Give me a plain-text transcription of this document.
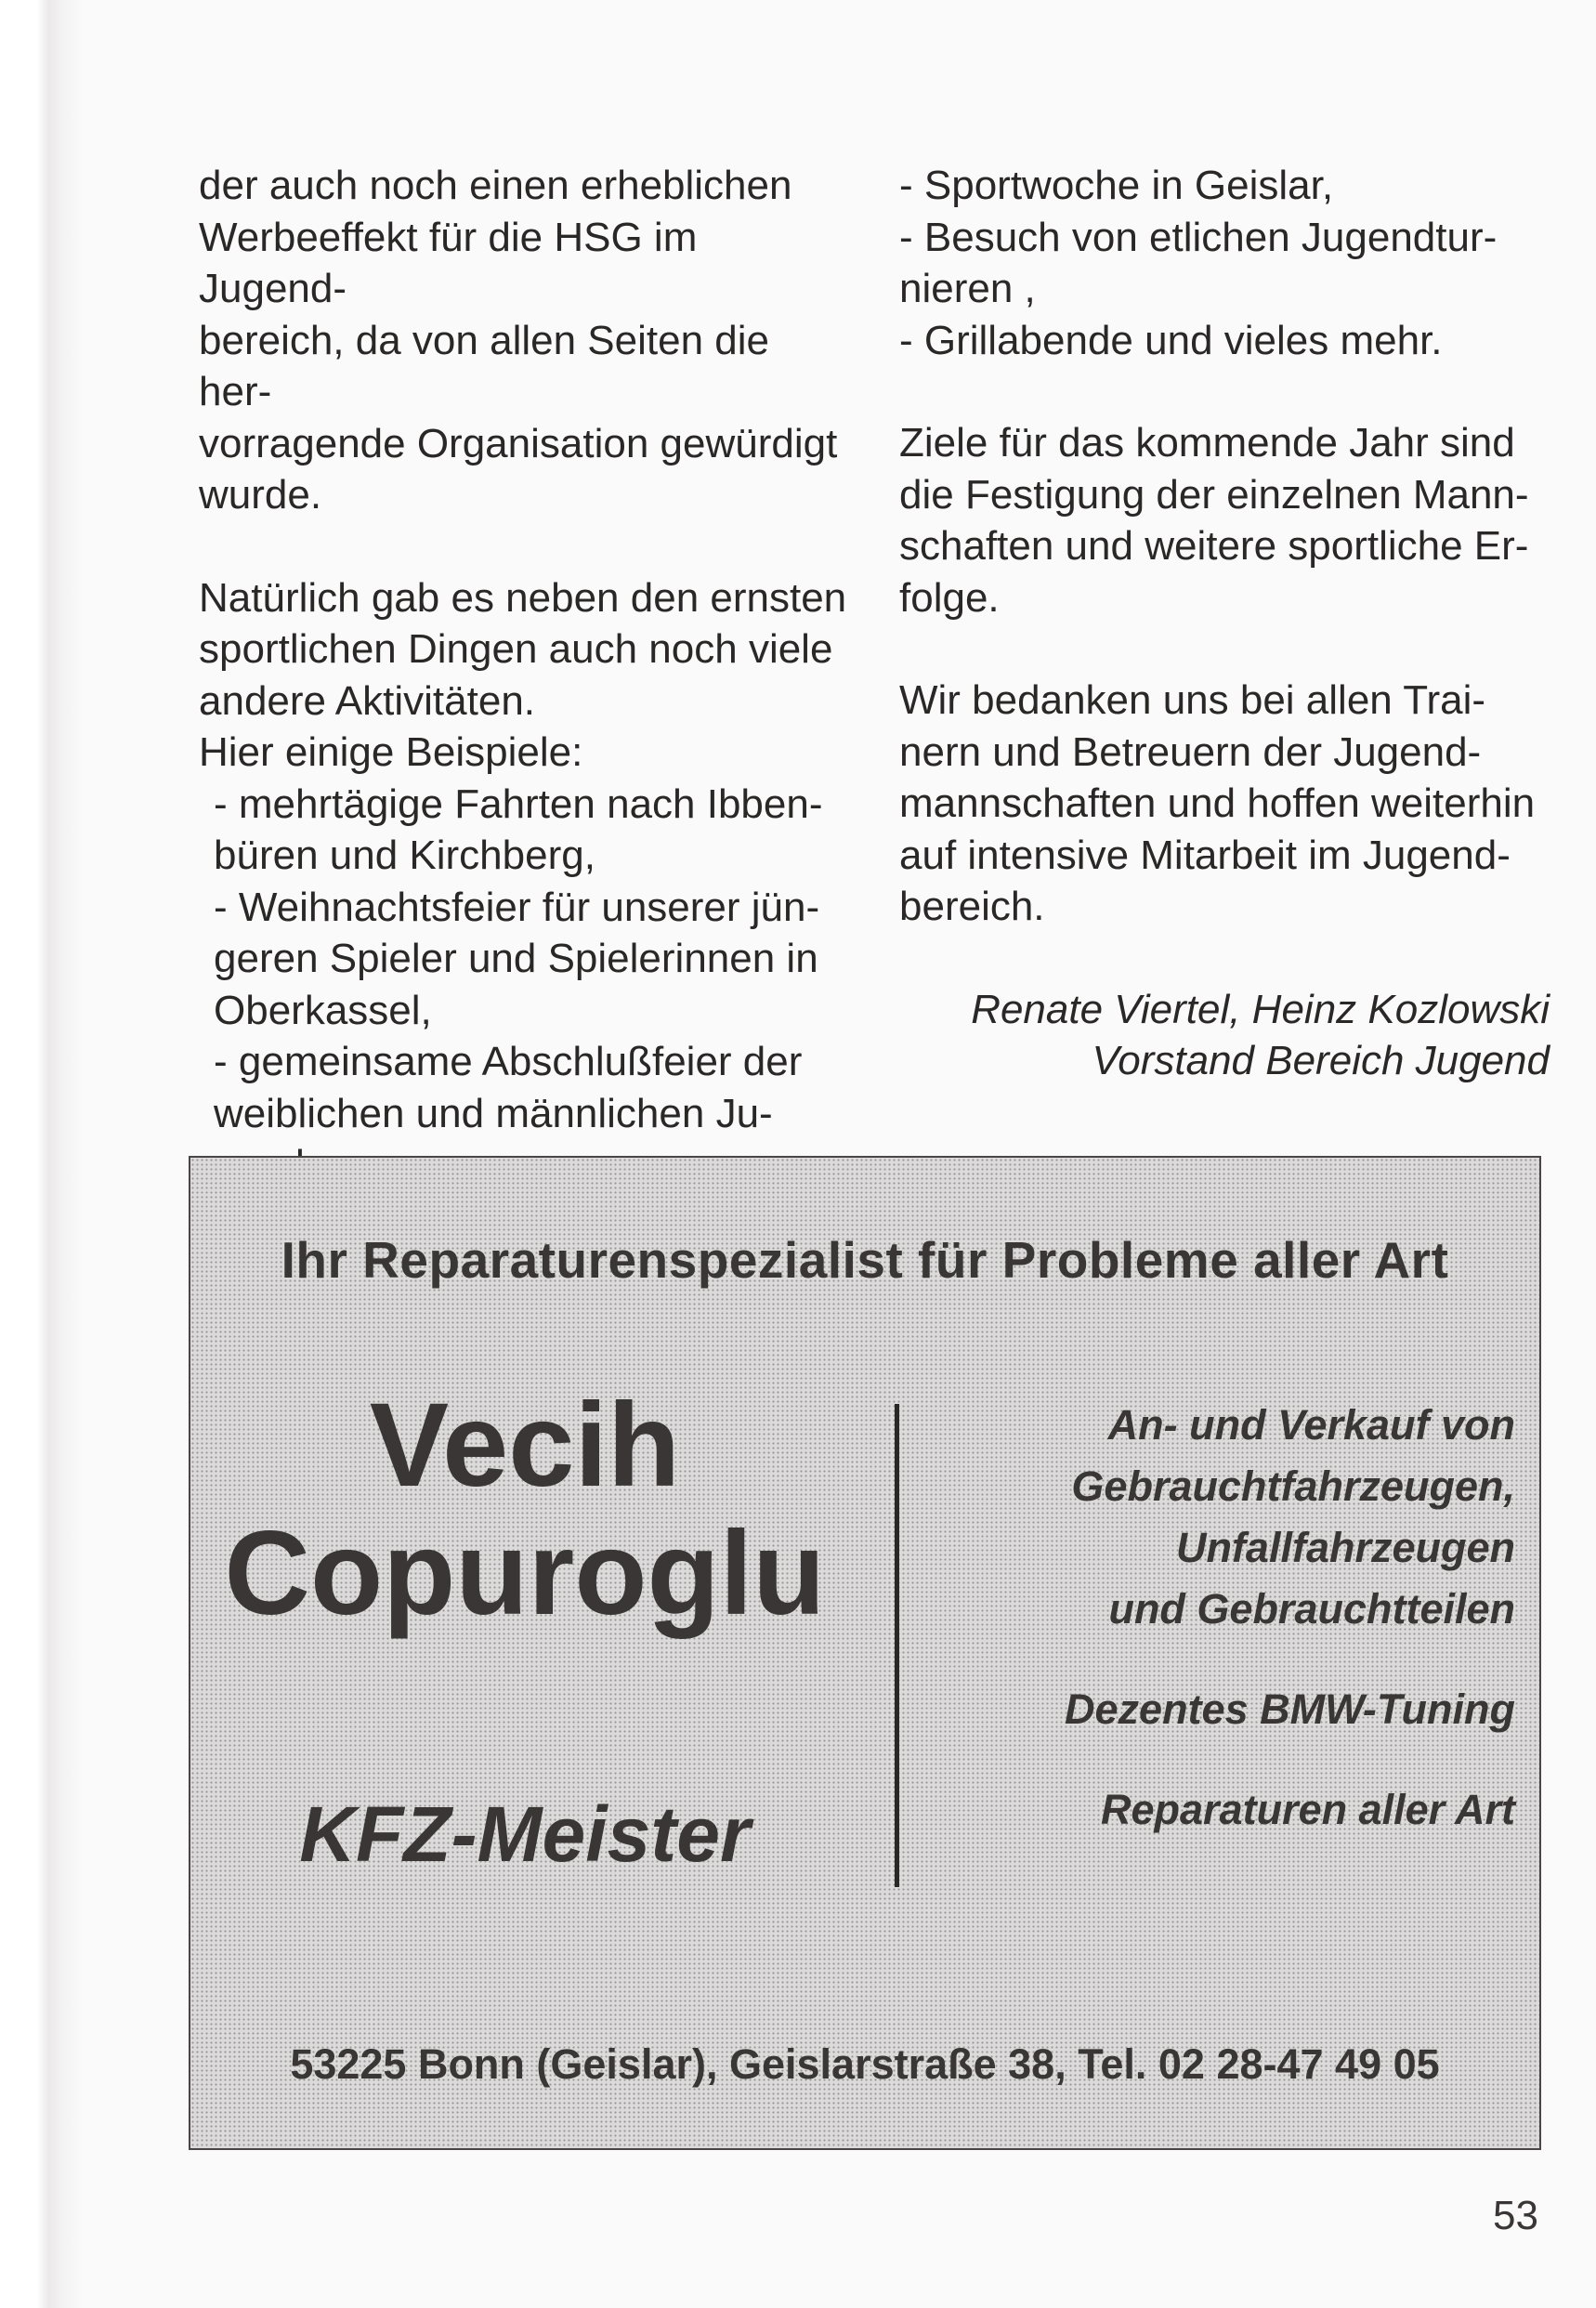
der auch noch einen erheblichen

Werbeeffekt für die HSG im Jugend-

bereich, da von allen Seiten die her-

vorragende Organisation gewürdigt

wurde.

Natürlich gab es neben den ernsten

sportlichen Dingen auch noch viele

andere Aktivitäten.

Hier einige Beispiele:

- mehrtägige Fahrten nach Ibben-

büren und Kirchberg,

- Weihnachtsfeier für unserer jün-

geren Spieler und Spielerinnen in

Oberkassel,

- gemeinsame Abschlußfeier der

weiblichen und männlichen Ju-

- Sportwoche in Geislar,

- Besuch von etlichen Jugendtur-

nieren ,

- Grillabende und vieles mehr.

Ziele für das kommende Jahr sind

die Festigung der einzelnen Mann-

schaften und weitere sportliche Er-

folge.

Wir bedanken uns bei allen Trai-

nern und Betreuern der Jugend-

mannschaften und hoffen weiterhin

auf intensive Mitarbeit im Jugend-

bereich.

Renate Viertel, Heinz Kozlowski

Vorstand Bereich Jugend

Ihr Reparaturenspezialist für Probleme aller Art
Vecih
Copuroglu
KFZ-Meister

An- und Verkauf von

Gebrauchtfahrzeugen,

Unfallfahrzeugen

und Gebrauchtteilen

Dezentes BMW-Tuning

Reparaturen aller Art

53225 Bonn (Geislar), Geislarstraße 38, Tel. 02 28-47 49 05
53
